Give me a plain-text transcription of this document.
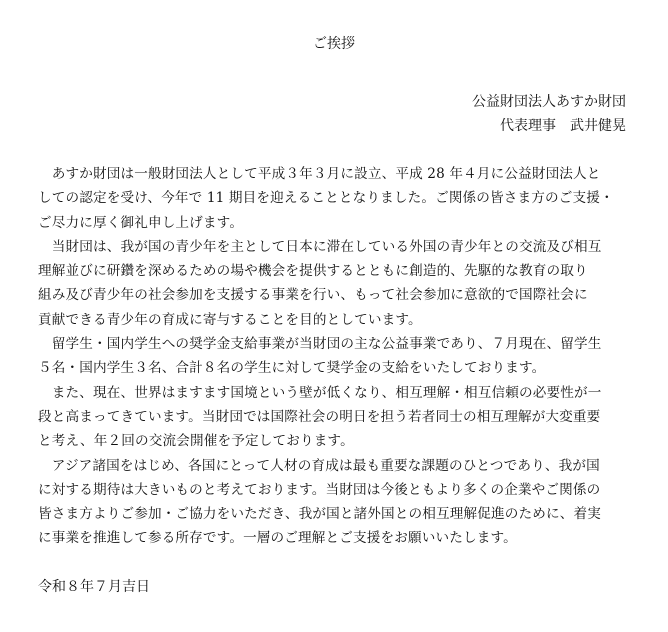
ご挨拶
公益財団法人あすか財団
代表理事　武井健晃
　あすか財団は一般財団法人として平成３年３月に設立、平成 28 年４月に公益財団法人と
しての認定を受け、今年で 11 期目を迎えることとなりました。ご関係の皆さま方のご支援・
ご尽力に厚く御礼申し上げます。
　当財団は、我が国の青少年を主として日本に滞在している外国の青少年との交流及び相互
理解並びに研鑽を深めるための場や機会を提供するとともに創造的、先駆的な教育の取り
組み及び青少年の社会参加を支援する事業を行い、もって社会参加に意欲的で国際社会に
貢献できる青少年の育成に寄与することを目的としています。
　留学生・国内学生への奨学金支給事業が当財団の主な公益事業であり、７月現在、留学生
５名・国内学生３名、合計８名の学生に対して奨学金の支給をいたしております。
　また、現在、世界はますます国境という壁が低くなり、相互理解・相互信頼の必要性が一
段と高まってきています。当財団では国際社会の明日を担う若者同士の相互理解が大変重要
と考え、年２回の交流会開催を予定しております。
　アジア諸国をはじめ、各国にとって人材の育成は最も重要な課題のひとつであり、我が国
に対する期待は大きいものと考えております。当財団は今後ともより多くの企業やご関係の
皆さま方よりご参加・ご協力をいただき、我が国と諸外国との相互理解促進のために、着実
に事業を推進して参る所存です。一層のご理解とご支援をお願いいたします。
令和８年７月吉日
